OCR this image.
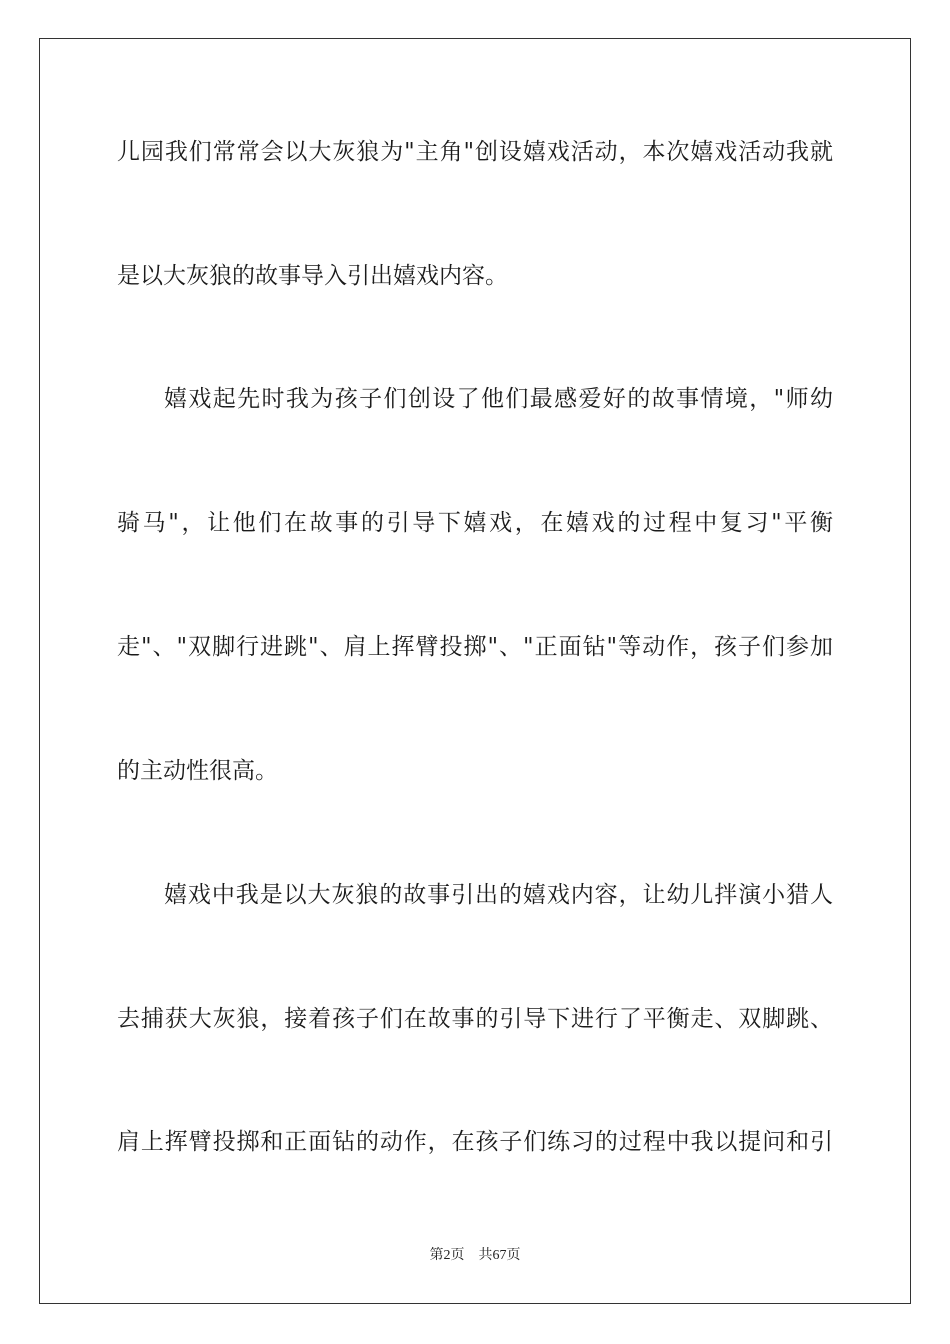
儿园我们常常会以大灰狼为"主角"创设嬉戏活动，本次嬉戏活动我就
是以大灰狼的故事导入引出嬉戏内容。
嬉戏起先时我为孩子们创设了他们最感爱好的故事情境，"师幼
骑马"，让他们在故事的引导下嬉戏，在嬉戏的过程中复习"平衡
走"、"双脚行进跳"、肩上挥臂投掷"、"正面钻"等动作，孩子们参加
的主动性很高。
嬉戏中我是以大灰狼的故事引出的嬉戏内容，让幼儿拌演小猎人
去捕获大灰狼，接着孩子们在故事的引导下进行了平衡走、双脚跳、
肩上挥臂投掷和正面钻的动作，在孩子们练习的过程中我以提问和引
第2页 共67页
